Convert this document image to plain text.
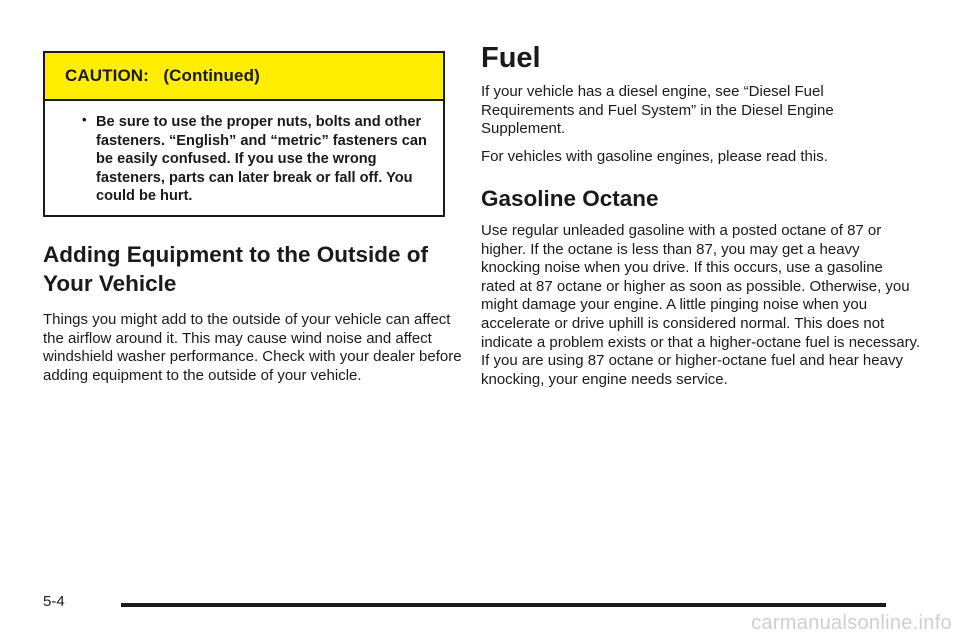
CAUTION:   (Continued)
• Be sure to use the proper nuts, bolts and other fasteners. “English” and “metric” fasteners can be easily confused. If you use the wrong fasteners, parts can later break or fall off. You could be hurt.

Adding Equipment to the Outside of Your Vehicle

Things you might add to the outside of your vehicle can affect the airflow around it. This may cause wind noise and affect windshield washer performance. Check with your dealer before adding equipment to the outside of your vehicle.

Fuel

If your vehicle has a diesel engine, see “Diesel Fuel Requirements and Fuel System” in the Diesel Engine Supplement.

For vehicles with gasoline engines, please read this.

Gasoline Octane

Use regular unleaded gasoline with a posted octane of 87 or higher. If the octane is less than 87, you may get a heavy knocking noise when you drive. If this occurs, use a gasoline rated at 87 octane or higher as soon as possible. Otherwise, you might damage your engine. A little pinging noise when you accelerate or drive uphill is considered normal. This does not indicate a problem exists or that a higher-octane fuel is necessary. If you are using 87 octane or higher-octane fuel and hear heavy knocking, your engine needs service.

5-4
carmanualsonline.info
